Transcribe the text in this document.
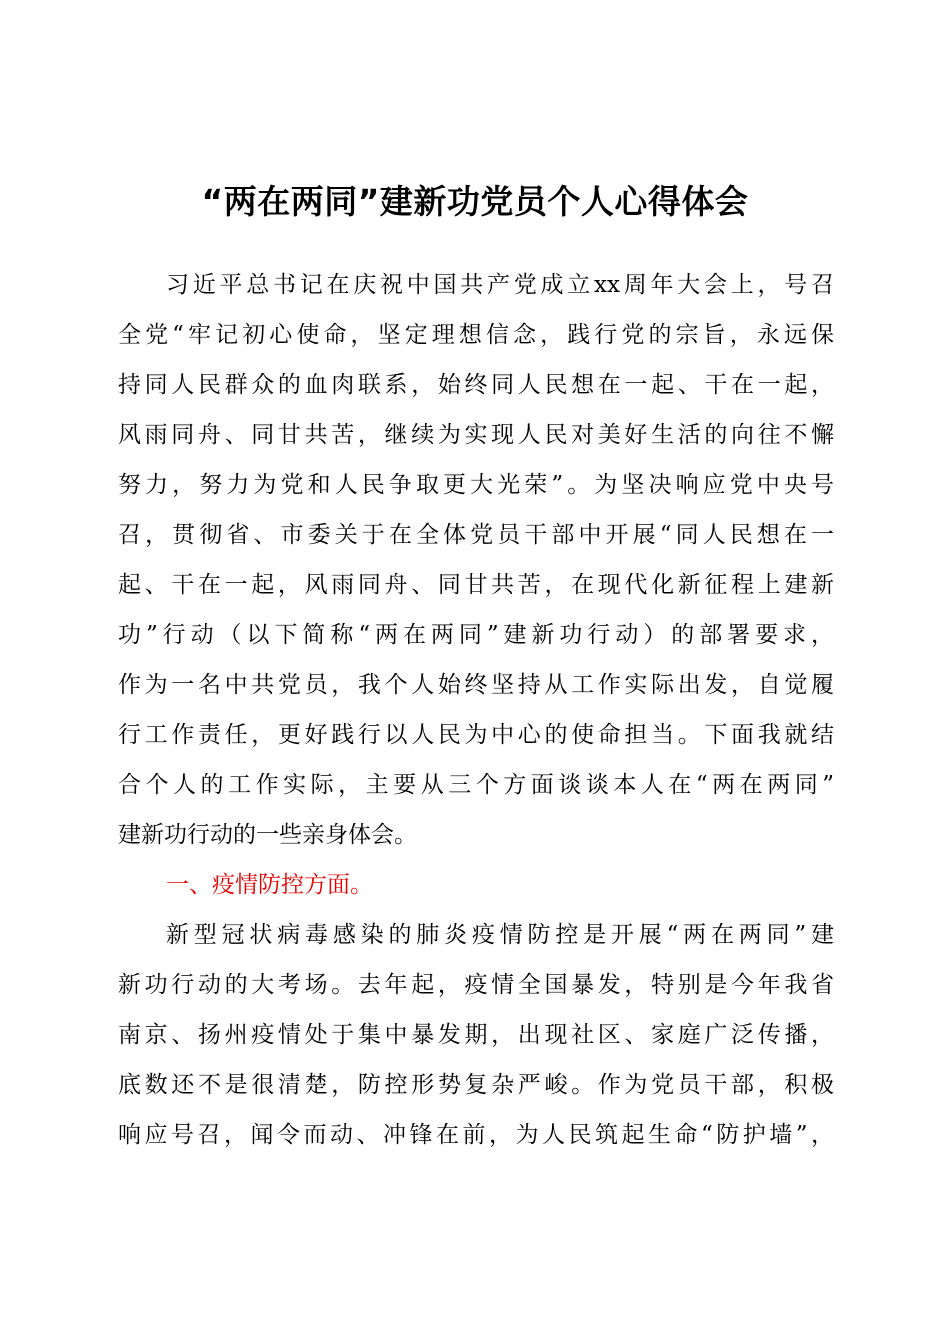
“两在两同”建新功党员个人心得体会
习近平总书记在庆祝中国共产党成立xx周年大会上，号召
全党“牢记初心使命，坚定理想信念，践行党的宗旨，永远保
持同人民群众的血肉联系，始终同人民想在一起、干在一起，
风雨同舟、同甘共苦，继续为实现人民对美好生活的向往不懈
努力，努力为党和人民争取更大光荣”。为坚决响应党中央号
召，贯彻省、市委关于在全体党员干部中开展“同人民想在一
起、干在一起，风雨同舟、同甘共苦，在现代化新征程上建新
功”行动（以下简称“两在两同”建新功行动）的部署要求，
作为一名中共党员，我个人始终坚持从工作实际出发，自觉履
行工作责任，更好践行以人民为中心的使命担当。下面我就结
合个人的工作实际，主要从三个方面谈谈本人在“两在两同”
建新功行动的一些亲身体会。
一、疫情防控方面。
新型冠状病毒感染的肺炎疫情防控是开展“两在两同”建
新功行动的大考场。去年起，疫情全国暴发，特别是今年我省
南京、扬州疫情处于集中暴发期，出现社区、家庭广泛传播，
底数还不是很清楚，防控形势复杂严峻。作为党员干部，积极
响应号召，闻令而动、冲锋在前，为人民筑起生命“防护墙”，
